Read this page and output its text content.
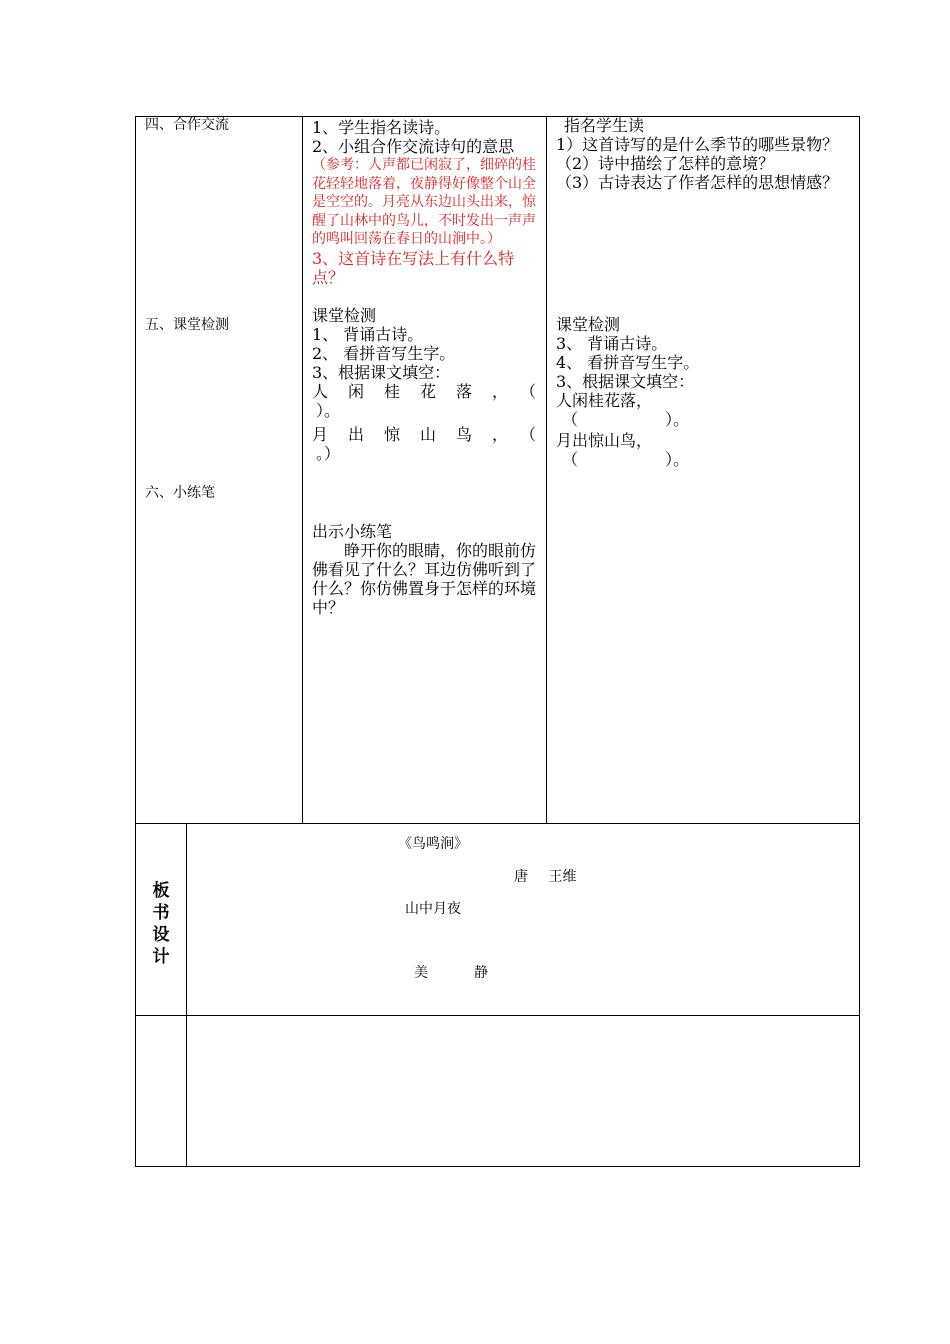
四、合作交流
五、课堂检测
六、小练笔
1、学生指名读诗。
2、小组合作交流诗句的意思
（参考：人声都已闲寂了，细碎的桂花轻轻地落着，夜静得好像整个山全是空空的。月亮从东边山头出来，惊醒了山林中的鸟儿，不时发出一声声的鸣叫回荡在春日的山涧中。）
3、这首诗在写法上有什么特点？
课堂检测
1、 背诵古诗。
2、 看拼音写生字。
3、根据课文填空：
人闲桂花落，（
）。
月出惊山鸟，（
。）
出示小练笔
睁开你的眼睛，你的眼前仿佛看见了什么？耳边仿佛听到了什么？你仿佛置身于怎样的环境中？
指名学生读
1）这首诗写的是什么季节的哪些景物？
（2）诗中描绘了怎样的意境？
（3）古诗表达了作者怎样的思想情感？
课堂检测
3、 背诵古诗。
4、 看拼音写生字。
3、根据课文填空：
人闲桂花落，
（ ）。
月出惊山鸟，
（ ）。
板书设计
《鸟鸣涧》
唐 王维
山中月夜
美	静
